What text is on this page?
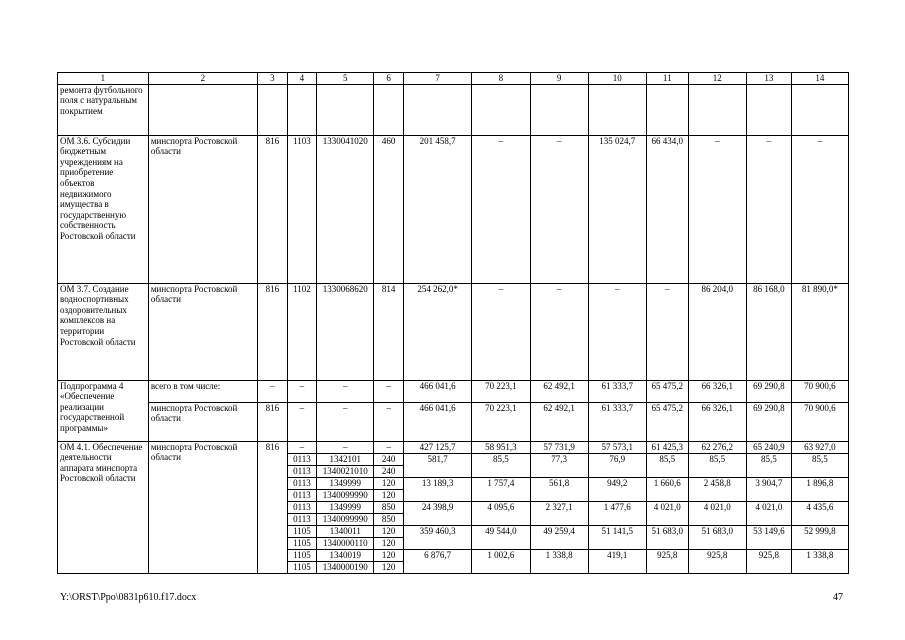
1	2	3	4	5	6	7	8	9	10	11	12	13	14
ремонта футбольного поля с натуральным покрытием													
ОМ 3.6. Субсидии бюджетным учреждениям на приобретение объектов недвижимого имущества в государственную собственность Ростовской области	минспорта Ростовской области	816	1103	1330041020	460	201 458,7	–	–	135 024,7	66 434,0	–	–	–
ОМ 3.7. Создание водноспортивных оздоровительных комплексов на территории Ростовской области	минспорта Ростовской области	816	1102	1330068620	814	254 262,0*	–	–	–	–	86 204,0	86 168,0	81 890,0*
Подпрограмма 4 «Обеспечение реализации государственной программы»	всего в том числе:	–	–	–	–	466 041,6	70 223,1	62 492,1	61 333,7	65 475,2	66 326,1	69 290,8	70 900,6
	минспорта Ростовской области	816	–	–	–	466 041,6	70 223,1	62 492,1	61 333,7	65 475,2	66 326,1	69 290,8	70 900,6
ОМ 4.1. Обеспечение деятельности аппарата минспорта Ростовской области	минспорта Ростовской области	816	–	–	–	427 125,7	58 951,3	57 731,9	57 573,1	61 425,3	62 276,2	65 240,9	63 927,0
			0113	1342101	240	581,7	85,5	77,3	76,9	85,5	85,5	85,5	85,5
			0113	1340021010	240								
			0113	1349999	120	13 189,3	1 757,4	561,8	949,2	1 660,6	2 458,8	3 904,7	1 896,8
			0113	1340099990	120								
			0113	1349999	850	24 398,9	4 095,6	2 327,1	1 477,6	4 021,0	4 021,0	4 021,0	4 435,6
			0113	1340099990	850								
			1105	1340011	120	359 460,3	49 544,0	49 259,4	51 141,5	51 683,0	51 683,0	53 149,6	52 999,8
			1105	1340000110	120								
			1105	1340019	120	6 876,7	1 002,6	1 338,8	419,1	925,8	925,8	925,8	1 338,8
			1105	1340000190	120								
Y:\ORST\Ppo\0831p610.f17.docx	47
